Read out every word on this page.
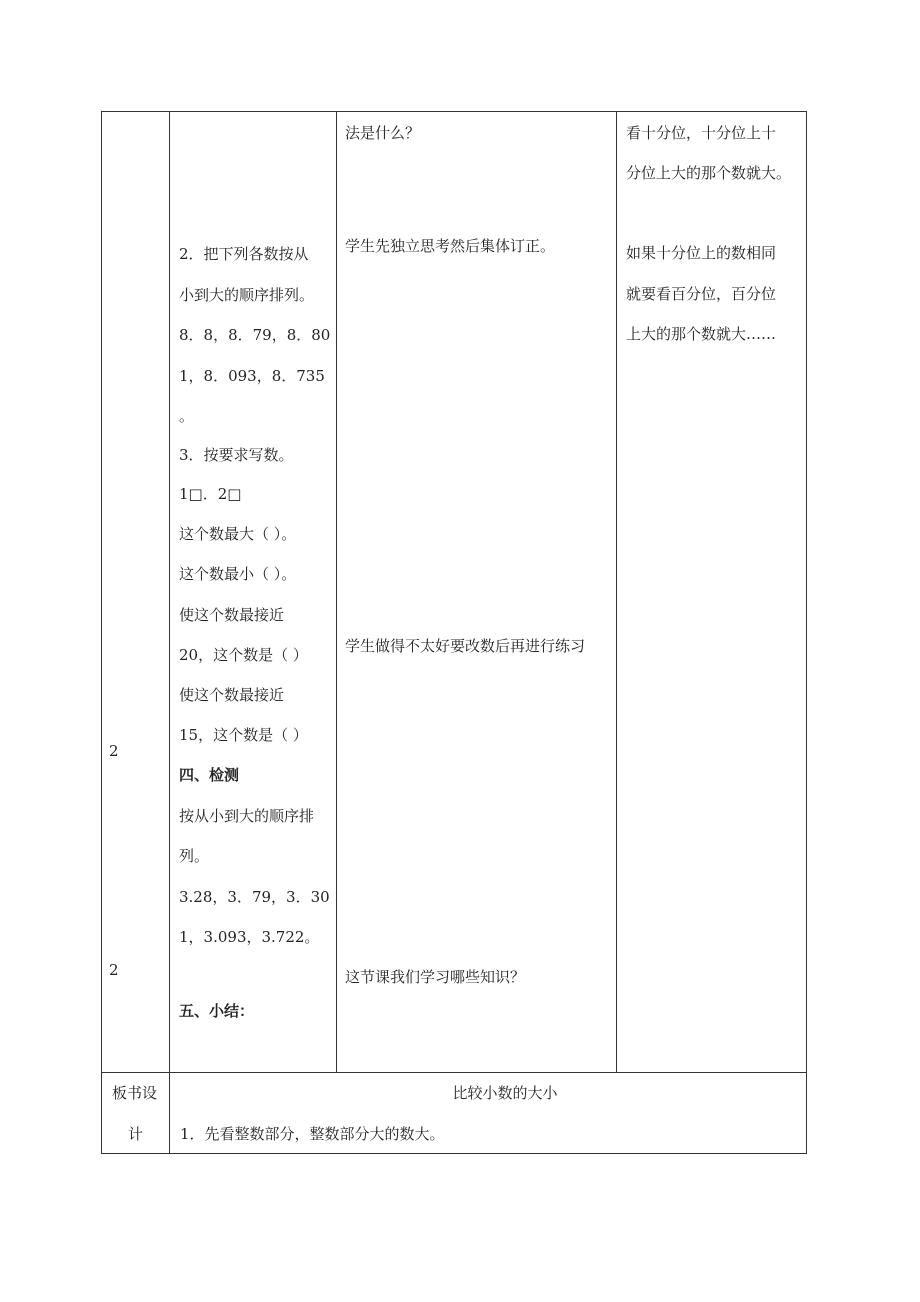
2
2
2．把下列各数按从
小到大的顺序排列。
8．8，8．79，8．80
1，8．093，8．735
。
3．按要求写数。
1□．2□
这个数最大（ ）。
这个数最小（ ）。
使这个数最接近
20，这个数是（ ）
使这个数最接近
15，这个数是（ ）
四、检测
按从小到大的顺序排
列。
3.28，3．79，3．30
1，3.093，3.722。
五、小结：
法是什么？
学生先独立思考然后集体订正。
学生做得不太好要改数后再进行练习
这节课我们学习哪些知识？
看十分位，十分位上十
分位上大的那个数就大。
如果十分位上的数相同
就要看百分位，百分位
上大的那个数就大……
板书设
计
比较小数的大小
1．先看整数部分，整数部分大的数大。
